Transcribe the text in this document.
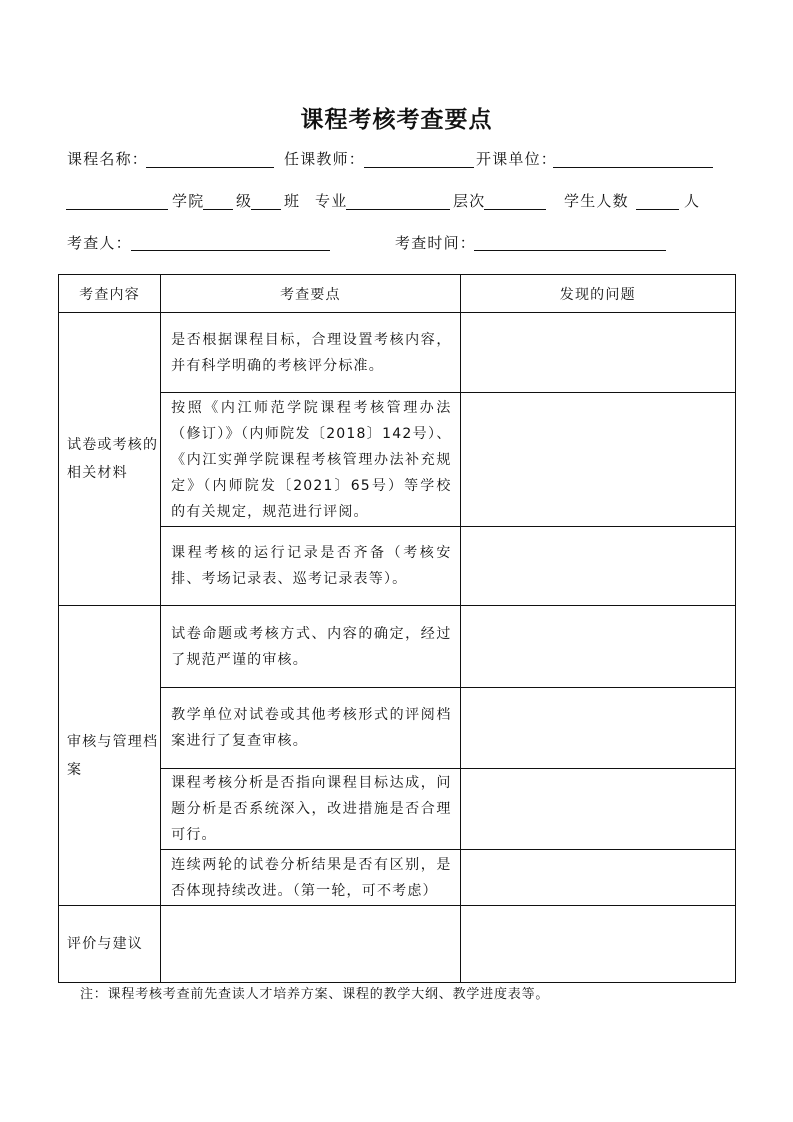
课程考核考查要点
课程名称：	任课教师：	开课单位：
学院 级 班 专业	层次	学生人数	人
考查人：	考查时间：
考查内容	考查要点	发现的问题
试卷或考核的相关材料	是否根据课程目标，合理设置考核内容，并有科学明确的考核评分标准。	
	按照《内江师范学院课程考核管理办法（修订）》（内师院发〔2018〕142号）、《内江实弹学院课程考核管理办法补充规定》（内师院发〔2021〕65号）等学校的有关规定，规范进行评阅。	
	课程考核的运行记录是否齐备（考核安排、考场记录表、巡考记录表等）。	
审核与管理档案	试卷命题或考核方式、内容的确定，经过了规范严谨的审核。	
	教学单位对试卷或其他考核形式的评阅档案进行了复查审核。	
	课程考核分析是否指向课程目标达成，问题分析是否系统深入，改进措施是否合理可行。	
	连续两轮的试卷分析结果是否有区别，是否体现持续改进。（第一轮，可不考虑）	
评价与建议		
注：课程考核考查前先查读人才培养方案、课程的教学大纲、教学进度表等。
